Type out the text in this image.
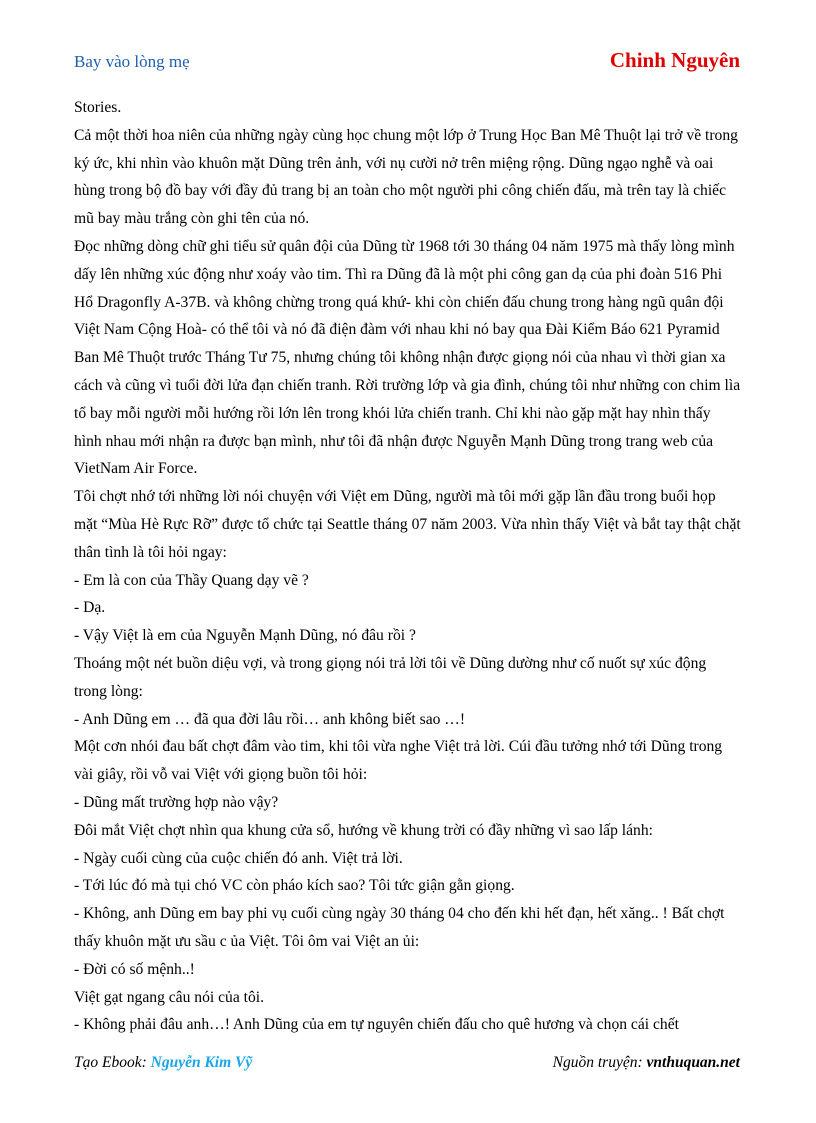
Bay vào lòng mẹ	Chinh Nguyên

Stories.

Cả một thời hoa niên của những ngày cùng học chung một lớp ở Trung Học Ban Mê Thuột lại trở về trong ký ức, khi nhìn vào khuôn mặt Dũng trên ảnh, với nụ cười nở trên miệng rộng. Dũng ngạo nghễ và oai hùng trong bộ đồ bay với đầy đủ trang bị an toàn cho một người phi công chiến đấu, mà trên tay là chiếc mũ bay màu trắng còn ghi tên của nó.

Đọc những dòng chữ ghi tiểu sử quân đội của Dũng từ 1968 tới 30 tháng 04 năm 1975 mà thấy lòng mình dấy lên những xúc động như xoáy vào tim. Thì ra Dũng đã là một phi công gan dạ của phi đoàn 516 Phi Hổ Dragonfly A-37B. và không chừng trong quá khứ- khi còn chiến đấu chung trong hàng ngũ quân đội Việt Nam Cộng Hoà- có thể tôi và nó đã điện đàm với nhau khi nó bay qua Đài Kiểm Báo 621 Pyramid Ban Mê Thuột trước Tháng Tư 75, nhưng chúng tôi không nhận được giọng nói của nhau vì thời gian xa cách và cũng vì tuổi đời lửa đạn chiến tranh. Rời trường lớp và gia đình, chúng tôi như những con chim lìa tổ bay mỗi người mỗi hướng rồi lớn lên trong khói lửa chiến tranh. Chỉ khi nào gặp mặt hay nhìn thấy hình nhau mới nhận ra được bạn mình, như tôi đã nhận được Nguyễn Mạnh Dũng trong trang web của VietNam Air Force.

Tôi chợt nhớ tới những lời nói chuyện với Việt em Dũng, người mà tôi mới gặp lần đầu trong buổi họp mặt “Mùa Hè Rực Rỡ” được tổ chức tại Seattle tháng 07 năm 2003. Vừa nhìn thấy Việt và bắt tay thật chặt thân tình là tôi hỏi ngay:

- Em là con của Thầy Quang dạy vẽ ?

- Dạ.

- Vậy Việt là em của Nguyễn Mạnh Dũng, nó đâu rồi ?

Thoáng một nét buồn diệu vợi, và trong giọng nói trả lời tôi về Dũng dường như cố nuốt sự xúc động trong lòng:

- Anh Dũng em … đã qua đời lâu rồi… anh không biết sao …!

Một cơn nhói đau bất chợt đâm vào tim, khi tôi vừa nghe Việt trả lời. Cúi đầu tưởng nhớ tới Dũng trong vài giây, rồi vỗ vai Việt với giọng buồn tôi hỏi:

- Dũng mất trường hợp nào vậy?

Đôi mắt Việt chợt nhìn qua khung cửa sổ, hướng về khung trời có đầy những vì sao lấp lánh:

- Ngày cuối cùng của cuộc chiến đó anh. Việt trả lời.

- Tới lúc đó mà tụi chó VC còn pháo kích sao? Tôi tức giận gằn giọng.

- Không, anh Dũng em bay phi vụ cuối cùng ngày 30 tháng 04 cho đến khi hết đạn, hết xăng.. ! Bất chợt thấy khuôn mặt ưu sầu c ủa Việt. Tôi ôm vai Việt an ủi:

- Đời có số mệnh..!

Việt gạt ngang câu nói của tôi.

- Không phải đâu anh…! Anh Dũng của em tự nguyên chiến đấu cho quê hương và chọn cái chết

Tạo Ebook: Nguyễn Kim Vỹ	Nguồn truyện: vnthuquan.net
